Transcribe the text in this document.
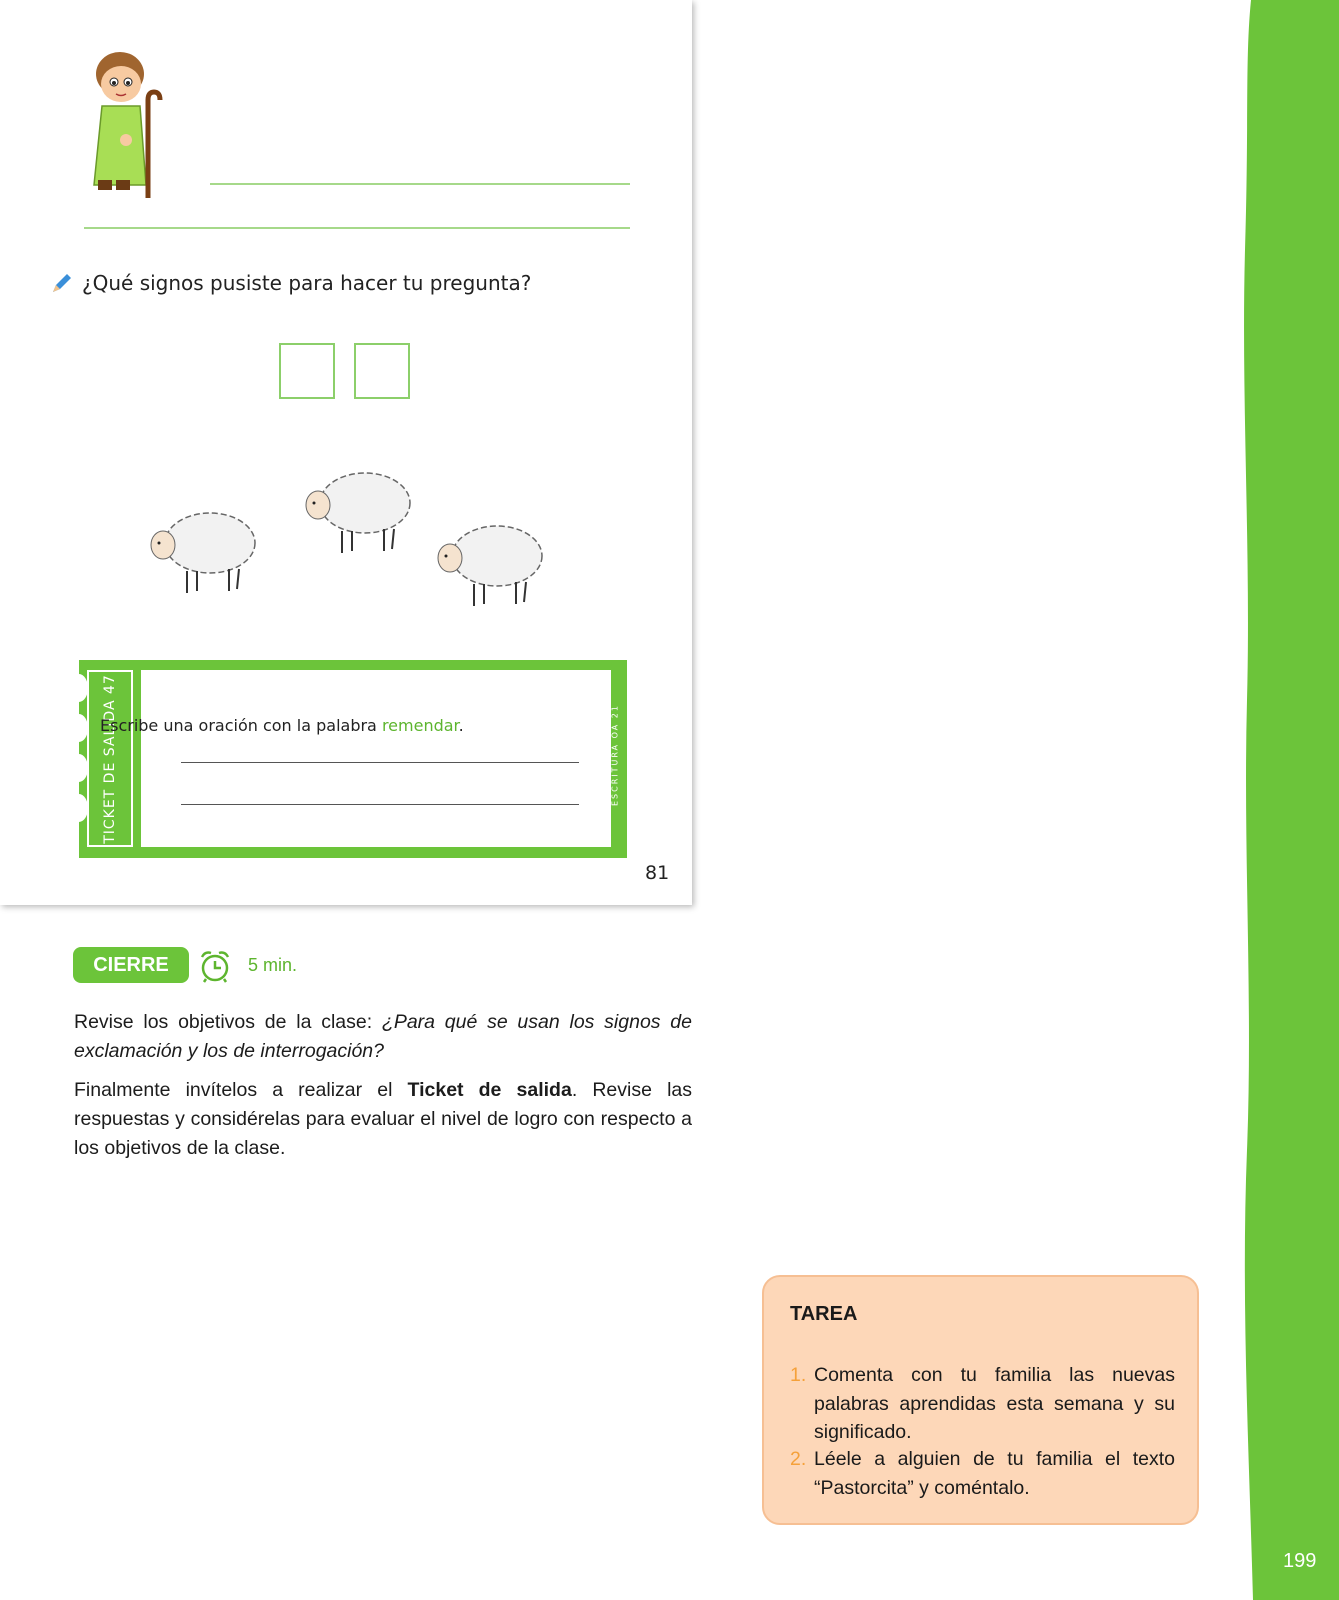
¿Qué signos pusiste para hacer tu pregunta?
TICKET DE SALIDA 47	ESCRITURA OA 21
Escribe una oración con la palabra remendar.
81
CIERRE	5 min.

Revise los objetivos de la clase: ¿Para qué se usan los signos de exclamación y los de interrogación?

Finalmente invítelos a realizar el Ticket de salida. Revise las respuestas y considérelas para evaluar el nivel de logro con respecto a los objetivos de la clase.

TAREA
1. Comenta con tu familia las nuevas palabras aprendidas esta semana y su significado.
2. Léele a alguien de tu familia el texto “Pastorcita” y coméntalo.
199
